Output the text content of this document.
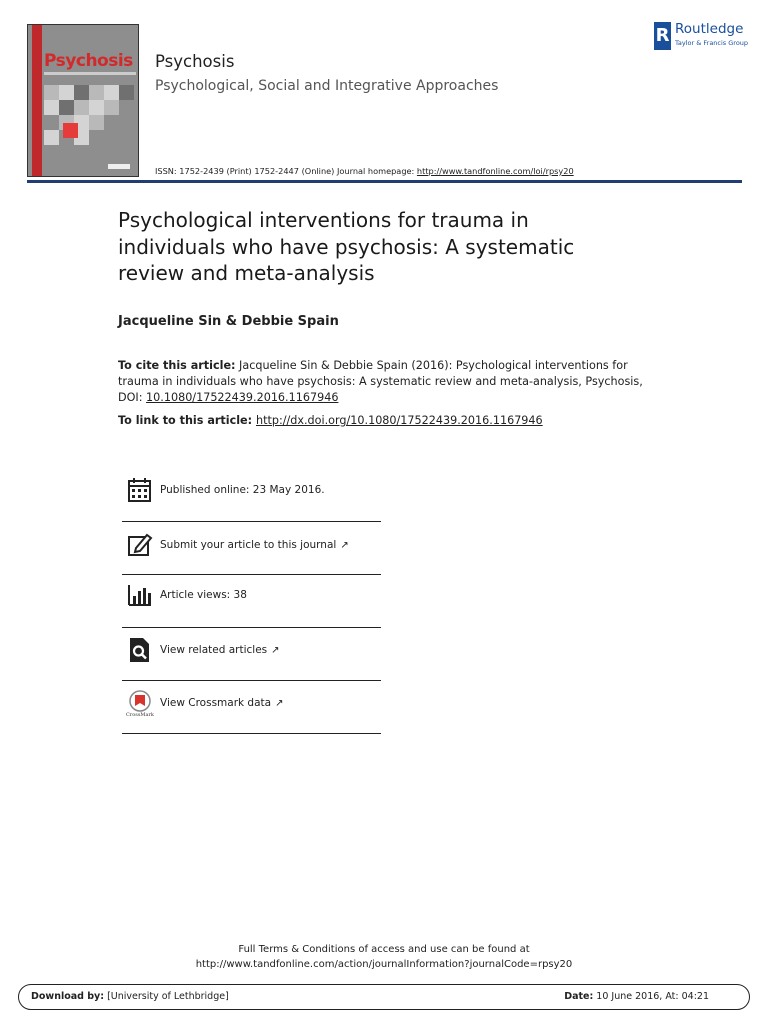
Psychosis Psychosis
Psychological, Social and Integrative Approaches
R Routledge
Taylor & Francis Group
ISSN: 1752-2439 (Print) 1752-2447 (Online) Journal homepage: http://www.tandfonline.com/loi/rpsy20
Psychological interventions for trauma in individuals who have psychosis: A systematic review and meta-analysis
Jacqueline Sin & Debbie Spain
To cite this article: Jacqueline Sin & Debbie Spain (2016): Psychological interventions for trauma in individuals who have psychosis: A systematic review and meta-analysis, Psychosis, DOI: 10.1080/17522439.2016.1167946
To link to this article: http://dx.doi.org/10.1080/17522439.2016.1167946
Published online: 23 May 2016.
Submit your article to this journal ↗
Article views: 38
View related articles ↗
CrossMark
View Crossmark data ↗
Full Terms & Conditions of access and use can be found at
http://www.tandfonline.com/action/journalInformation?journalCode=rpsy20
Download by: [University of Lethbridge]	Date: 10 June 2016, At: 04:21
